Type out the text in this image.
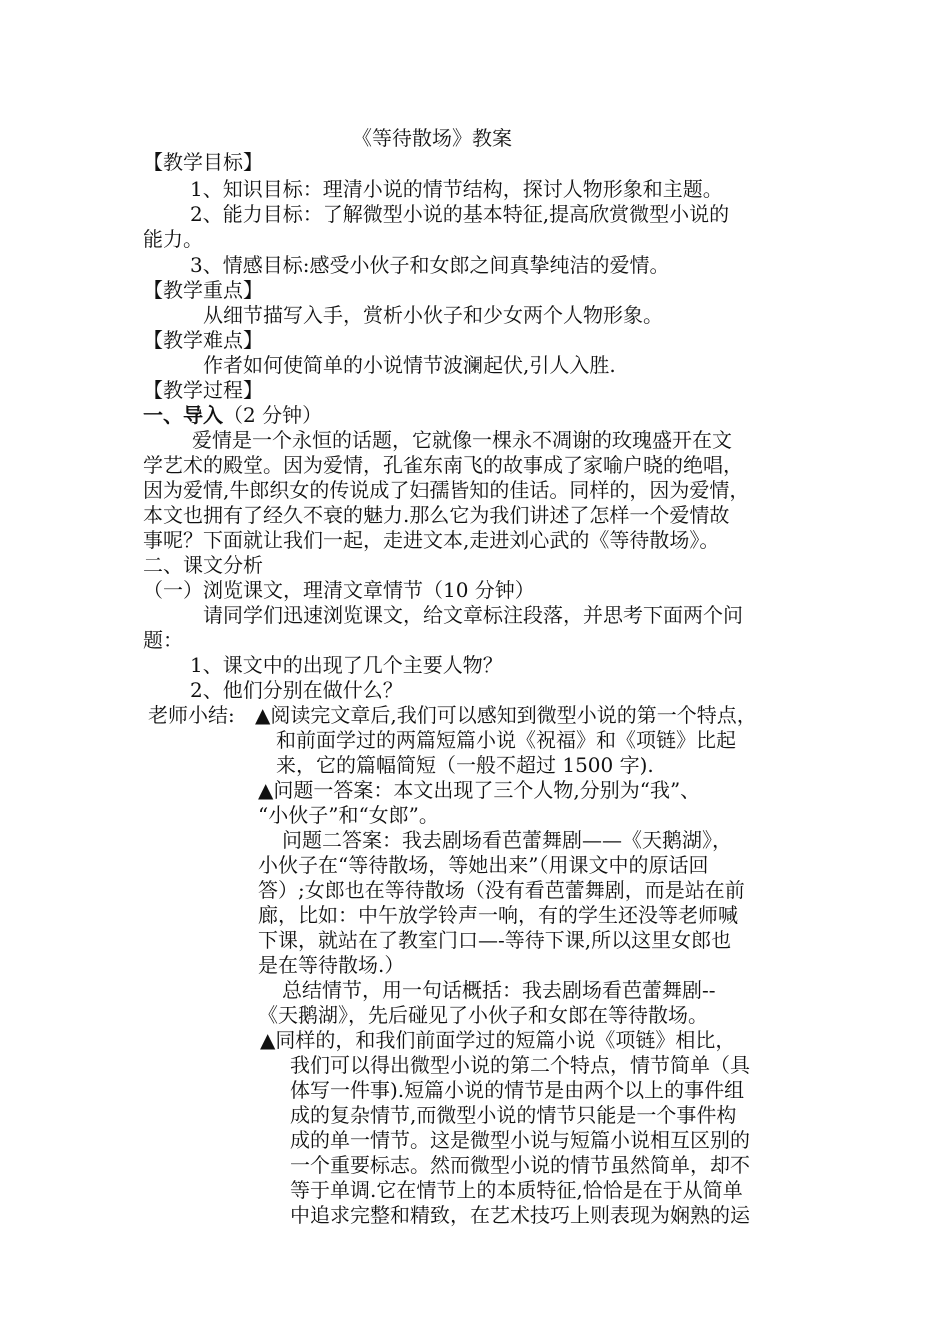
《等待散场》教案

【教学目标】

1、知识目标：理清小说的情节结构，探讨人物形象和主题。

2、能力目标：了解微型小说的基本特征,提高欣赏微型小说的

能力。

3、情感目标:感受小伙子和女郎之间真挚纯洁的爱情。

【教学重点】

从细节描写入手，赏析小伙子和少女两个人物形象。

【教学难点】

作者如何使简单的小说情节波澜起伏,引人入胜.

【教学过程】

一、导入（2 分钟）

爱情是一个永恒的话题，它就像一棵永不凋谢的玫瑰盛开在文

学艺术的殿堂。因为爱情，孔雀东南飞的故事成了家喻户晓的绝唱，

因为爱情,牛郎织女的传说成了妇孺皆知的佳话。同样的，因为爱情，

本文也拥有了经久不衰的魅力.那么它为我们讲述了怎样一个爱情故

事呢？下面就让我们一起，走进文本,走进刘心武的《等待散场》。

二、课文分析

（一）浏览课文，理清文章情节（10 分钟）

请同学们迅速浏览课文，给文章标注段落，并思考下面两个问

题：

1、课文中的出现了几个主要人物？

2、他们分别在做什么？

老师小结: ▲阅读完文章后,我们可以感知到微型小说的第一个特点，

和前面学过的两篇短篇小说《祝福》和《项链》比起

来，它的篇幅简短（一般不超过 1500 字).

▲问题一答案：本文出现了三个人物,分别为“我”、

“小伙子”和“女郎”。

问题二答案：我去剧场看芭蕾舞剧——《天鹅湖》，

小伙子在“等待散场，等她出来”（用课文中的原话回

答）;女郎也在等待散场（没有看芭蕾舞剧，而是站在前

廊，比如：中午放学铃声一响，有的学生还没等老师喊

下课，就站在了教室门口—-等待下课,所以这里女郎也

是在等待散场.）

总结情节，用一句话概括：我去剧场看芭蕾舞剧--

《天鹅湖》，先后碰见了小伙子和女郎在等待散场。

▲同样的，和我们前面学过的短篇小说《项链》相比，

我们可以得出微型小说的第二个特点，情节简单（具

体写一件事).短篇小说的情节是由两个以上的事件组

成的复杂情节,而微型小说的情节只能是一个事件构

成的单一情节。这是微型小说与短篇小说相互区别的

一个重要标志。然而微型小说的情节虽然简单，却不

等于单调.它在情节上的本质特征,恰恰是在于从简单

中追求完整和精致，在艺术技巧上则表现为娴熟的运
